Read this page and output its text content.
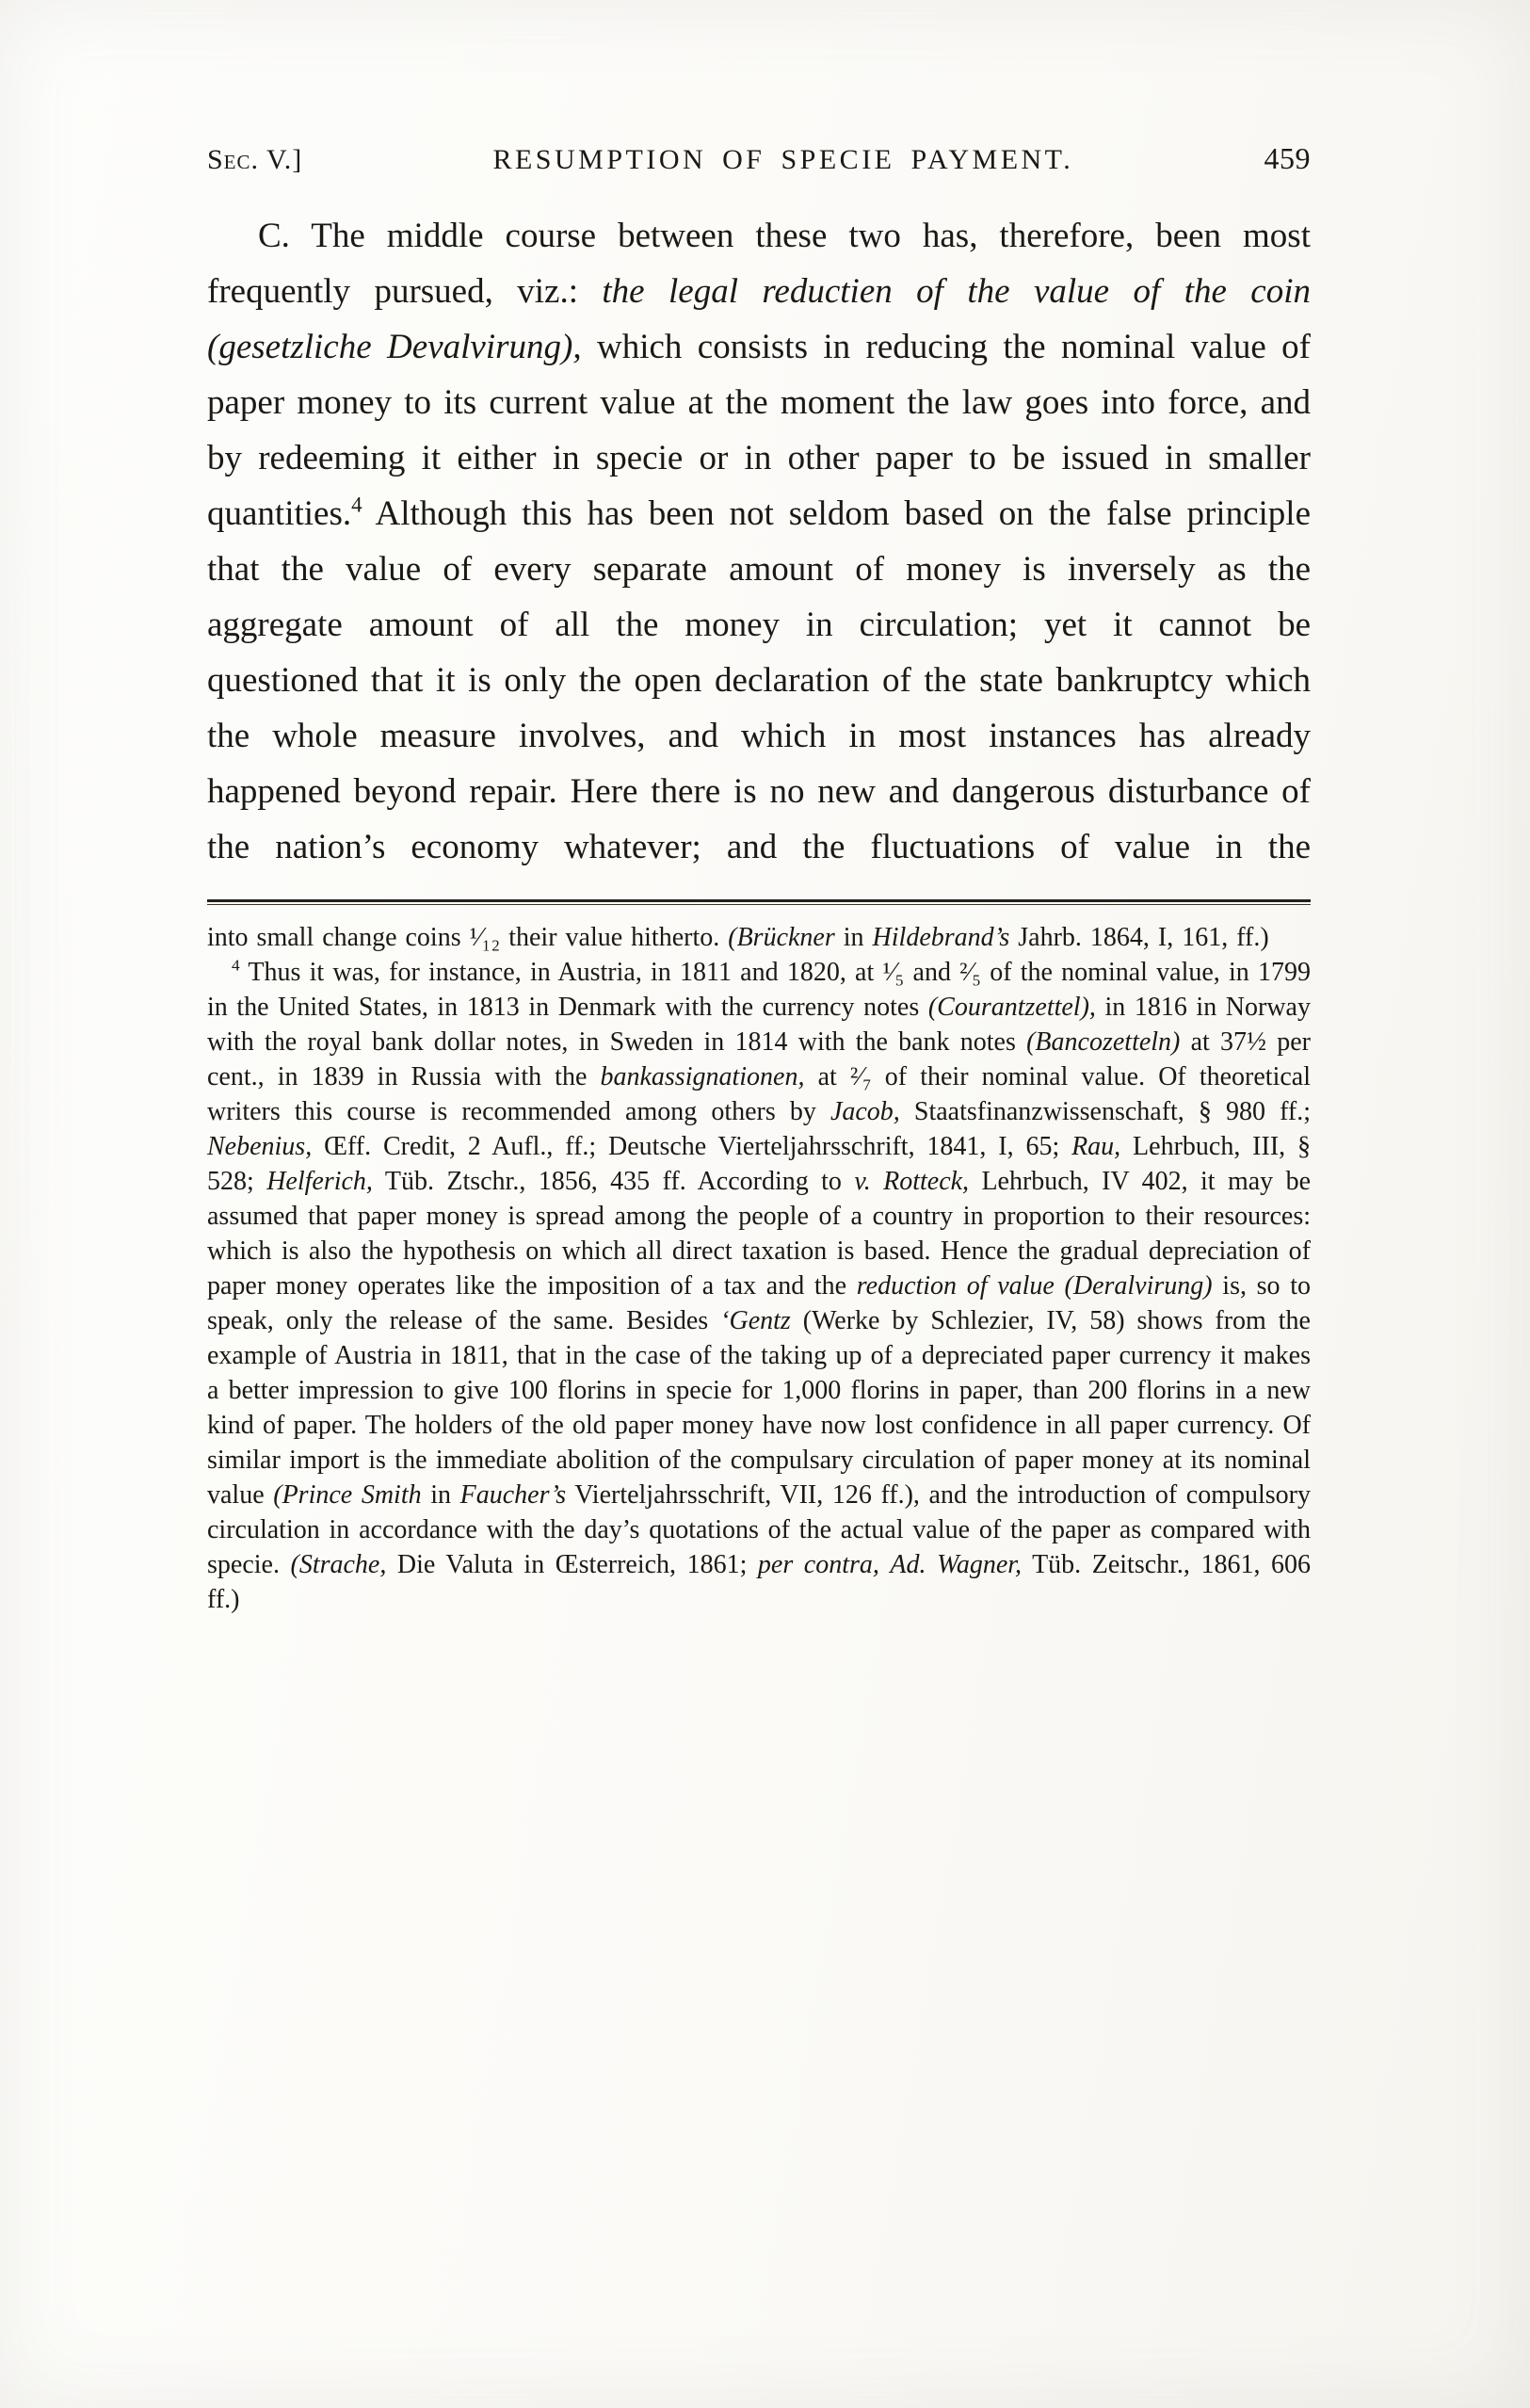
Sec. V.]	RESUMPTION OF SPECIE PAYMENT.	459

C. The middle course between these two has, therefore, been most frequently pursued, viz.: the legal reductien of the value of the coin (gesetzliche Devalvirung), which consists in reducing the nominal value of paper money to its current value at the moment the law goes into force, and by redeeming it either in specie or in other paper to be issued in smaller quantities.$^4$ Although this has been not seldom based on the false principle that the value of every separate amount of money is inversely as the aggregate amount of all the money in circulation; yet it cannot be questioned that it is only the open declaration of the state bankruptcy which the whole measure involves, and which in most instances has already happened beyond repair. Here there is no new and dangerous disturbance of the nation’s economy whatever; and the fluctuations of value in the

into small change coins ¹⁄₁₂ their value hitherto. (Brückner in Hildebrand’s Jahrb. 1864, I, 161, ff.)

$^4$ Thus it was, for instance, in Austria, in 1811 and 1820, at ¹⁄₅ and ²⁄₅ of the nominal value, in 1799 in the United States, in 1813 in Denmark with the currency notes (Courantzettel), in 1816 in Norway with the royal bank dollar notes, in Sweden in 1814 with the bank notes (Bancozetteln) at 37½ per cent., in 1839 in Russia with the bankassignationen, at ²⁄₇ of their nominal value. Of theoretical writers this course is recommended among others by Jacob, Staatsfinanzwissenschaft, § 980 ff.; Nebenius, Œff. Credit, 2 Aufl., ff.; Deutsche Vierteljahrsschrift, 1841, I, 65; Rau, Lehrbuch, III, § 528; Helferich, Tüb. Ztschr., 1856, 435 ff. According to v. Rotteck, Lehrbuch, IV 402, it may be assumed that paper money is spread among the people of a country in proportion to their resources: which is also the hypothesis on which all direct taxation is based. Hence the gradual depreciation of paper money operates like the imposition of a tax and the reduction of value (Deralvirung) is, so to speak, only the release of the same. Besides ‘Gentz (Werke by Schlezier, IV, 58) shows from the example of Austria in 1811, that in the case of the taking up of a depreciated paper currency it makes a better impression to give 100 florins in specie for 1,000 florins in paper, than 200 florins in a new kind of paper. The holders of the old paper money have now lost confidence in all paper currency. Of similar import is the immediate abolition of the compulsary circulation of paper money at its nominal value (Prince Smith in Faucher’s Vierteljahrsschrift, VII, 126 ff.), and the introduction of compulsory circulation in accordance with the day’s quotations of the actual value of the paper as compared with specie. (Strache, Die Valuta in Œsterreich, 1861; per contra, Ad. Wagner, Tüb. Zeitschr., 1861, 606 ff.)
